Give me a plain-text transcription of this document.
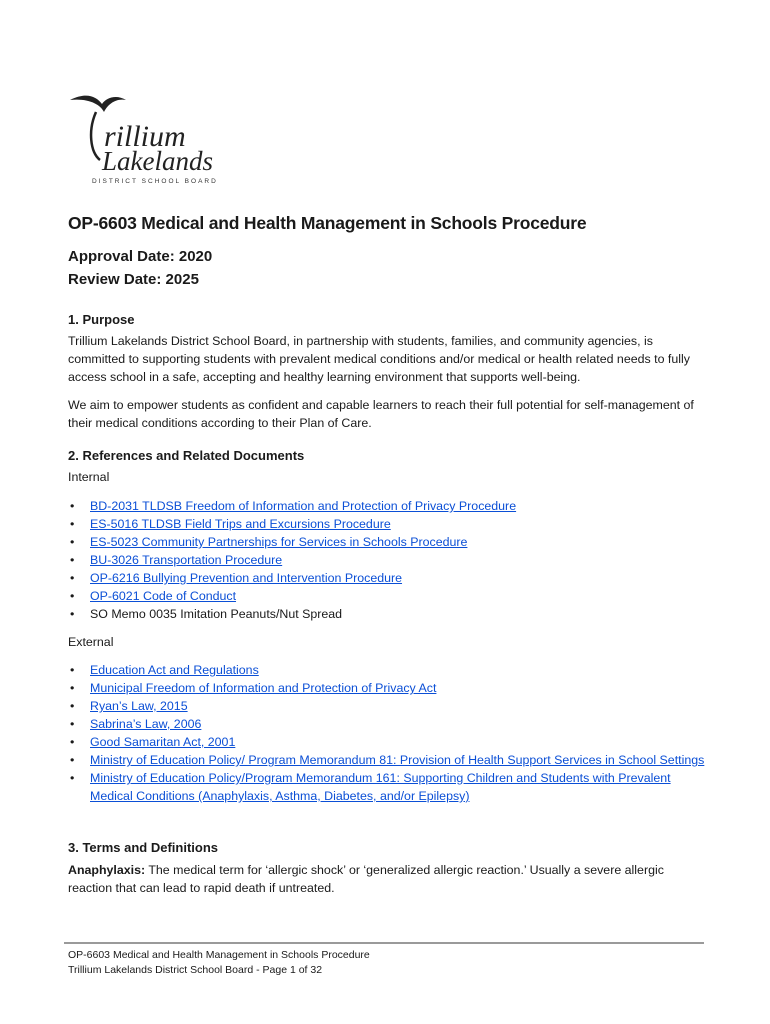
rillium
Lakelands
DISTRICT SCHOOL BOARD
OP-6603 Medical and Health Management in Schools Procedure
Approval Date: 2020
Review Date: 2025
1. Purpose
Trillium Lakelands District School Board, in partnership with students, families, and community agencies, is committed to supporting students with prevalent medical conditions and/or medical or health related needs to fully access school in a safe, accepting and healthy learning environment that supports well-being.
We aim to empower students as confident and capable learners to reach their full potential for self-management of their medical conditions according to their Plan of Care.
2. References and Related Documents
Internal
• BD-2031 TLDSB Freedom of Information and Protection of Privacy Procedure
• ES-5016 TLDSB Field Trips and Excursions Procedure
• ES-5023 Community Partnerships for Services in Schools Procedure
• BU-3026 Transportation Procedure
• OP-6216 Bullying Prevention and Intervention Procedure
• OP-6021 Code of Conduct
• SO Memo 0035 Imitation Peanuts/Nut Spread
External
• Education Act and Regulations
• Municipal Freedom of Information and Protection of Privacy Act
• Ryan’s Law, 2015
• Sabrina’s Law, 2006
• Good Samaritan Act, 2001
• Ministry of Education Policy/ Program Memorandum 81: Provision of Health Support Services in School Settings
• Ministry of Education Policy/Program Memorandum 161: Supporting Children and Students with Prevalent Medical Conditions (Anaphylaxis, Asthma, Diabetes, and/or Epilepsy)
3. Terms and Definitions
Anaphylaxis: The medical term for ‘allergic shock’ or ‘generalized allergic reaction.’ Usually a severe allergic reaction that can lead to rapid death if untreated.
OP-6603 Medical and Health Management in Schools Procedure
Trillium Lakelands District School Board - Page 1 of 32
